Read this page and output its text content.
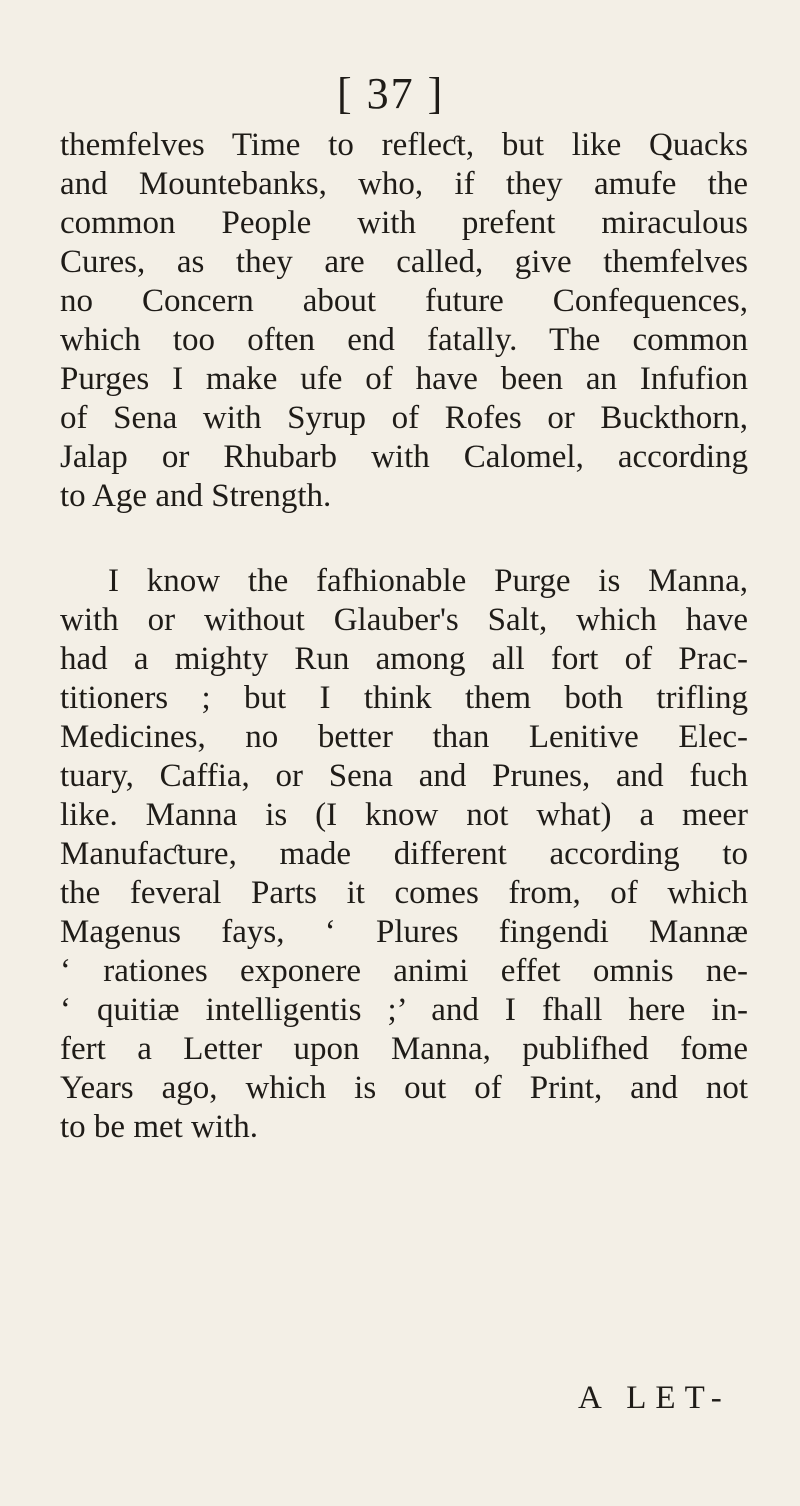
[ 37 ]
themfelves Time to refleƈt, but like Quacks
and Mountebanks, who, if they amufe the
common People with prefent miraculous
Cures, as they are called, give themfelves
no Concern about future Confequences,
which too often end fatally. The common
Purges I make ufe of have been an Infufion
of Sena with Syrup of Rofes or Buckthorn,
Jalap or Rhubarb with Calomel, according
to Age and Strength.
I know the fafhionable Purge is Manna,
with or without Glauber's Salt, which have
had a mighty Run among all fort of Prac-
titioners ; but I think them both trifling
Medicines, no better than Lenitive Elec-
tuary, Caffia, or Sena and Prunes, and fuch
like. Manna is (I know not what) a meer
Manufaƈture, made different according to
the feveral Parts it comes from, of which
Magenus fays, ‘ Plures fingendi Mannæ
‘ rationes exponere animi effet omnis ne-
‘ quitiæ intelligentis ;’ and I fhall here in-
fert a Letter upon Manna, publifhed fome
Years ago, which is out of Print, and not
to be met with.
A LET-
